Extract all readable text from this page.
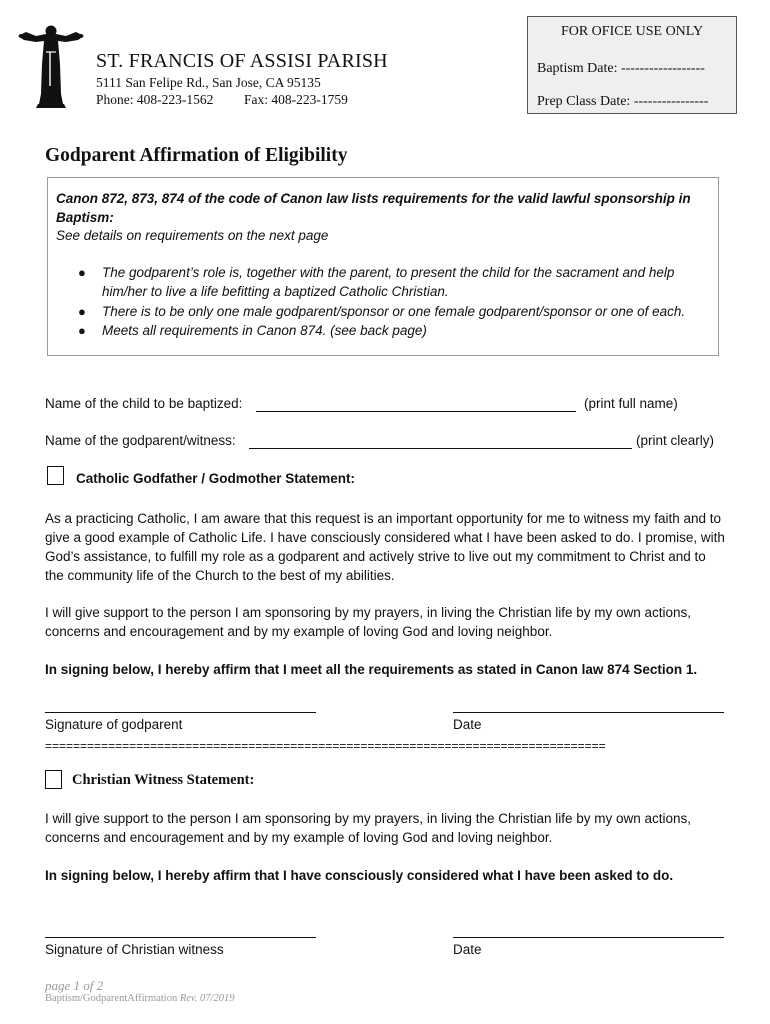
ST. FRANCIS OF ASSISI PARISH
5111 San Felipe Rd., San Jose, CA 95135
Phone: 408-223-1562 Fax: 408-223-1759
FOR OFICE USE ONLY
Baptism Date: ------------------
Prep Class Date: ----------------
Godparent Affirmation of Eligibility
Canon 872, 873, 874 of the code of Canon law lists requirements for the valid lawful sponsorship in Baptism:
See details on requirements on the next page
● The godparent’s role is, together with the parent, to present the child for the sacrament and help him/her to live a life befitting a baptized Catholic Christian.
● There is to be only one male godparent/sponsor or one female godparent/sponsor or one of each.
● Meets all requirements in Canon 874. (see back page)
Name of the child to be baptized:	(print full name)
Name of the godparent/witness:	(print clearly)
Catholic Godfather / Godmother Statement:
As a practicing Catholic, I am aware that this request is an important opportunity for me to witness my faith and to give a good example of Catholic Life. I have consciously considered what I have been asked to do. I promise, with God’s assistance, to fulfill my role as a godparent and actively strive to live out my commitment to Christ and to the community life of the Church to the best of my abilities.
I will give support to the person I am sponsoring by my prayers, in living the Christian life by my own actions, concerns and encouragement and by my example of loving God and loving neighbor.
In signing below, I hereby affirm that I meet all the requirements as stated in Canon law 874 Section 1.
Signature of godparent	Date
================================================================================
Christian Witness Statement:
I will give support to the person I am sponsoring by my prayers, in living the Christian life by my own actions, concerns and encouragement and by my example of loving God and loving neighbor.
In signing below, I hereby affirm that I have consciously considered what I have been asked to do.
Signature of Christian witness	Date
page 1 of 2
Baptism/GodparentAffirmation Rev. 07/2019
